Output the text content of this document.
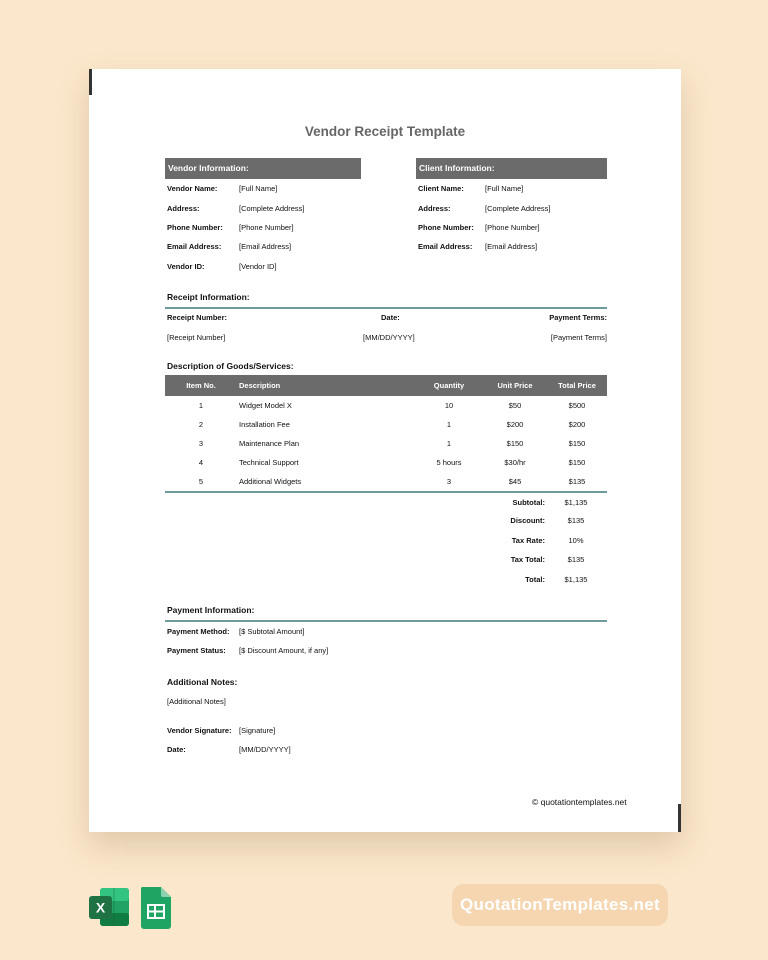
Vendor Receipt Template
Vendor Information:
Vendor Name:	[Full Name]
Address:	[Complete Address]
Phone Number: [Phone Number]
Email Address: [Email Address]
Vendor ID:	[Vendor ID]
Client Information:
Client Name:	[Full Name]
Address:	[Complete Address]
Phone Number: [Phone Number]
Email Address: [Email Address]
Receipt Information:
Receipt Number:	Date:	Payment Terms:
[Receipt Number]	[MM/DD/YYYY]	[Payment Terms]
Description of Goods/Services:
Item No.	Description	Quantity	Unit Price	Total Price
1	Widget Model X	10	$50	$500
2	Installation Fee	1	$200	$200
3	Maintenance Plan	1	$150	$150
4	Technical Support	5 hours	$30/hr	$150
5	Additional Widgets	3	$45	$135
Subtotal:	$1,135
Discount:	$135
Tax Rate:	10%
Tax Total:	$135
Total:	$1,135
Payment Information:
Payment Method: [$ Subtotal Amount]
Payment Status: [$ Discount Amount, if any]
Additional Notes:
[Additional Notes]
Vendor Signature: [Signature]
Date:	[MM/DD/YYYY]
© quotationtemplates.net
X	QuotationTemplates.net
